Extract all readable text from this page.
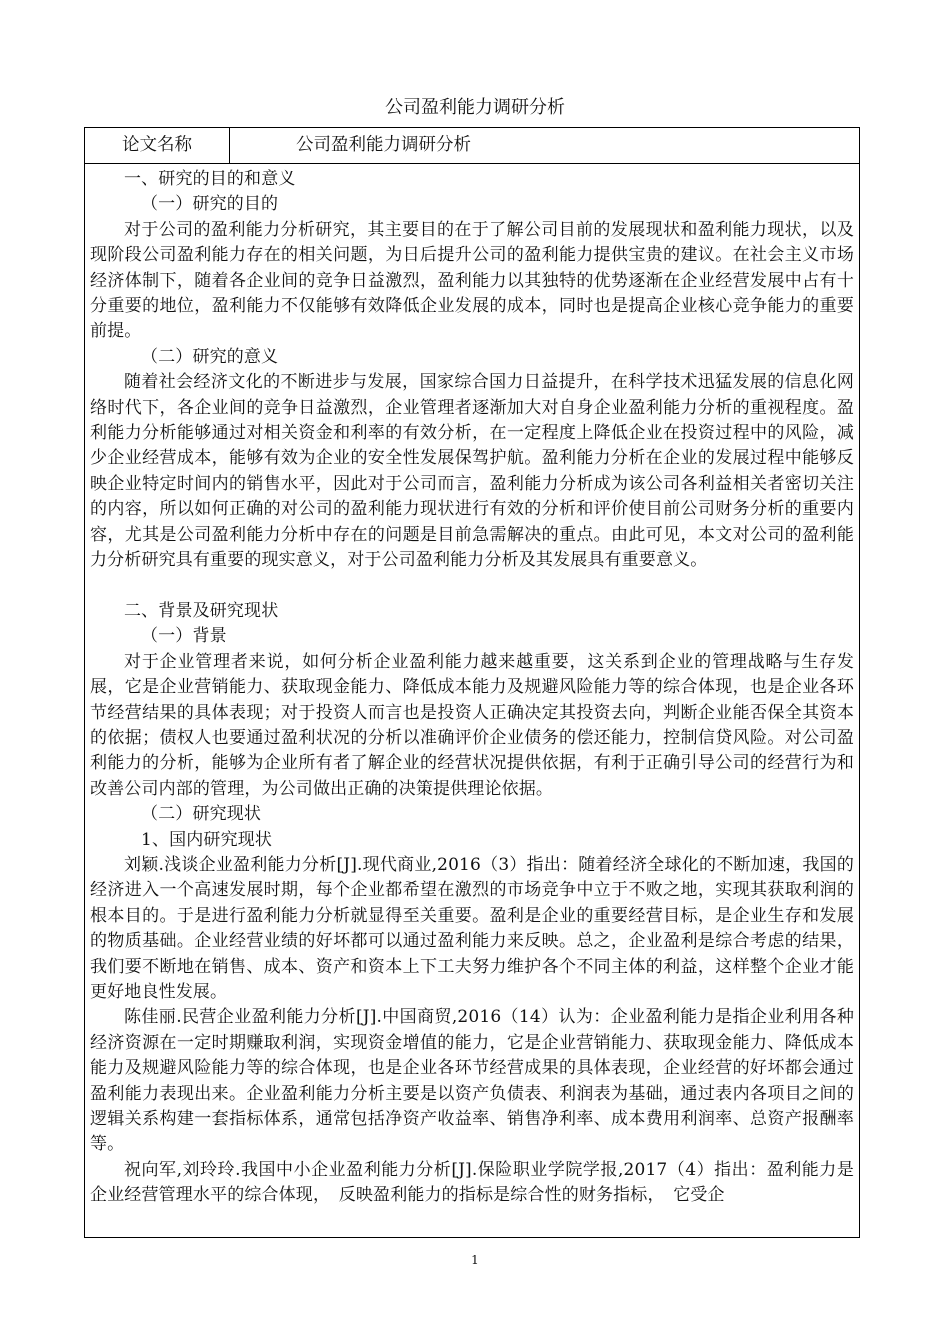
公司盈利能力调研分析
论文名称	公司盈利能力调研分析

一、研究的目的和意义

（一）研究的目的

对于公司的盈利能力分析研究，其主要目的在于了解公司目前的发展现状和盈利能力现状，以及现阶段公司盈利能力存在的相关问题，为日后提升公司的盈利能力提供宝贵的建议。在社会主义市场经济体制下，随着各企业间的竞争日益激烈，盈利能力以其独特的优势逐渐在企业经营发展中占有十分重要的地位，盈利能力不仅能够有效降低企业发展的成本，同时也是提高企业核心竞争能力的重要前提。

（二）研究的意义

随着社会经济文化的不断进步与发展，国家综合国力日益提升，在科学技术迅猛发展的信息化网络时代下，各企业间的竞争日益激烈，企业管理者逐渐加大对自身企业盈利能力分析的重视程度。盈利能力分析能够通过对相关资金和利率的有效分析，在一定程度上降低企业在投资过程中的风险，减少企业经营成本，能够有效为企业的安全性发展保驾护航。盈利能力分析在企业的发展过程中能够反映企业特定时间内的销售水平，因此对于公司而言，盈利能力分析成为该公司各利益相关者密切关注的内容，所以如何正确的对公司的盈利能力现状进行有效的分析和评价使目前公司财务分析的重要内容，尤其是公司盈利能力分析中存在的问题是目前急需解决的重点。由此可见，本文对公司的盈利能力分析研究具有重要的现实意义，对于公司盈利能力分析及其发展具有重要意义。

二、背景及研究现状

（一）背景

对于企业管理者来说，如何分析企业盈利能力越来越重要，这关系到企业的管理战略与生存发展，它是企业营销能力、获取现金能力、降低成本能力及规避风险能力等的综合体现，也是企业各环节经营结果的具体表现；对于投资人而言也是投资人正确决定其投资去向，判断企业能否保全其资本的依据；债权人也要通过盈利状况的分析以准确评价企业债务的偿还能力，控制信贷风险。对公司盈利能力的分析，能够为企业所有者了解企业的经营状况提供依据，有利于正确引导公司的经营行为和改善公司内部的管理，为公司做出正确的决策提供理论依据。

（二）研究现状

1、国内研究现状

刘颖.浅谈企业盈利能力分析[J].现代商业,2016（3）指出：随着经济全球化的不断加速，我国的经济进入一个高速发展时期，每个企业都希望在激烈的市场竞争中立于不败之地，实现其获取利润的根本目的。于是进行盈利能力分析就显得至关重要。盈利是企业的重要经营目标，是企业生存和发展的物质基础。企业经营业绩的好坏都可以通过盈利能力来反映。总之，企业盈利是综合考虑的结果，我们要不断地在销售、成本、资产和资本上下工夫努力维护各个不同主体的利益，这样整个企业才能更好地良性发展。

陈佳丽.民营企业盈利能力分析[J].中国商贸,2016（14）认为：企业盈利能力是指企业利用各种经济资源在一定时期赚取利润，实现资金增值的能力，它是企业营销能力、获取现金能力、降低成本能力及规避风险能力等的综合体现，也是企业各环节经营成果的具体表现，企业经营的好坏都会通过盈利能力表现出来。企业盈利能力分析主要是以资产负债表、利润表为基础，通过表内各项目之间的逻辑关系构建一套指标体系，通常包括净资产收益率、销售净利率、成本费用利润率、总资产报酬率等。

祝向军,刘玲玲.我国中小企业盈利能力分析[J].保险职业学院学报,2017（4）指出：盈利能力是企业经营管理水平的综合体现，　反映盈利能力的指标是综合性的财务指标，　它受企

1
